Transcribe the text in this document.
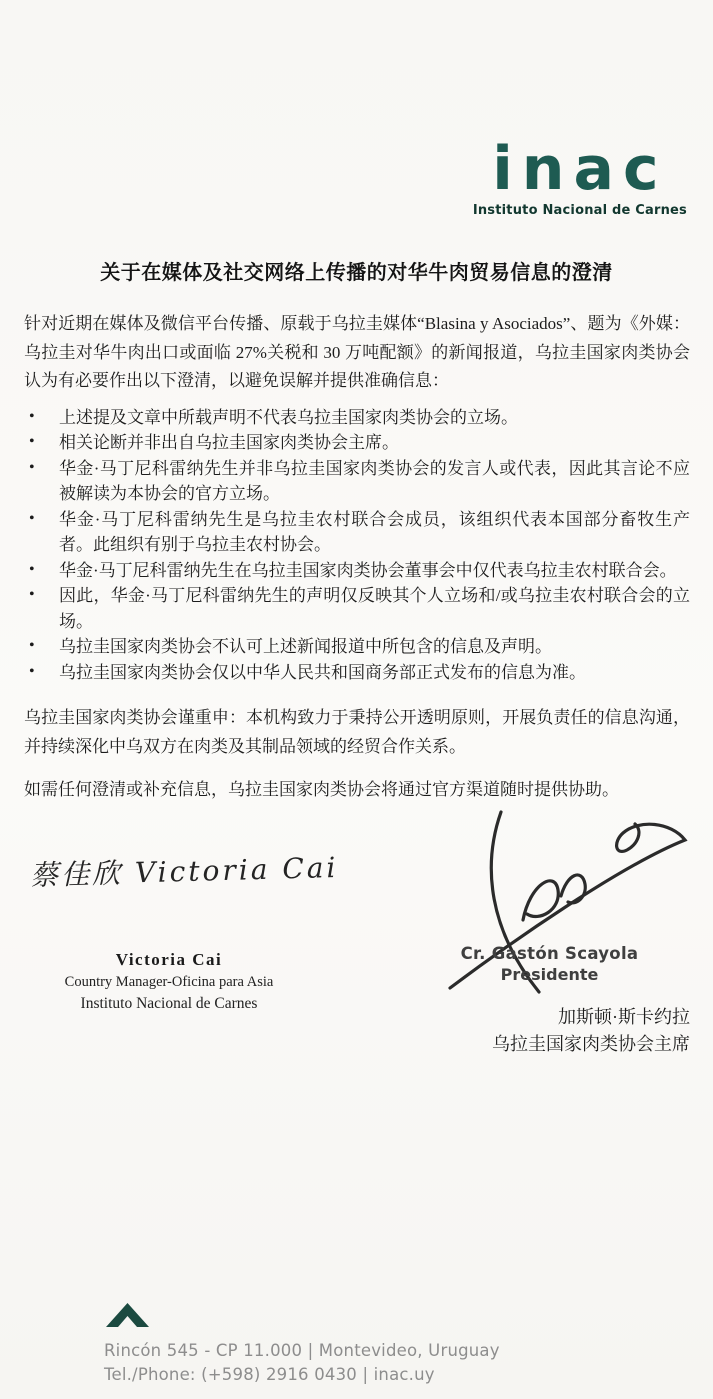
inac
Instituto Nacional de Carnes
关于在媒体及社交网络上传播的对华牛肉贸易信息的澄清

针对近期在媒体及微信平台传播、原载于乌拉圭媒体“Blasina y Asociados”、题为《外媒：乌拉圭对华牛肉出口或面临 27%关税和 30 万吨配额》的新闻报道，乌拉圭国家肉类协会认为有必要作出以下澄清，以避免误解并提供准确信息：

• 上述提及文章中所载声明不代表乌拉圭国家肉类协会的立场。
• 相关论断并非出自乌拉圭国家肉类协会主席。
• 华金·马丁尼科雷纳先生并非乌拉圭国家肉类协会的发言人或代表，因此其言论不应被解读为本协会的官方立场。
• 华金·马丁尼科雷纳先生是乌拉圭农村联合会成员，该组织代表本国部分畜牧生产者。此组织有别于乌拉圭农村协会。
• 华金·马丁尼科雷纳先生在乌拉圭国家肉类协会董事会中仅代表乌拉圭农村联合会。
• 因此，华金·马丁尼科雷纳先生的声明仅反映其个人立场和/或乌拉圭农村联合会的立场。
• 乌拉圭国家肉类协会不认可上述新闻报道中所包含的信息及声明。
• 乌拉圭国家肉类协会仅以中华人民共和国商务部正式发布的信息为准。

乌拉圭国家肉类协会谨重申：本机构致力于秉持公开透明原则，开展负责任的信息沟通，并持续深化中乌双方在肉类及其制品领域的经贸合作关系。

如需任何澄清或补充信息，乌拉圭国家肉类协会将通过官方渠道随时提供协助。

蔡佳欣 Victoria Cai
Victoria Cai
Country Manager-Oficina para Asia
Instituto Nacional de Carnes
Cr. Gastón Scayola
Presidente
加斯顿·斯卡约拉
乌拉圭国家肉类协会主席
Rincón 545 - CP 11.000 | Montevideo, Uruguay
Tel./Phone: (+598) 2916 0430 | inac.uy
